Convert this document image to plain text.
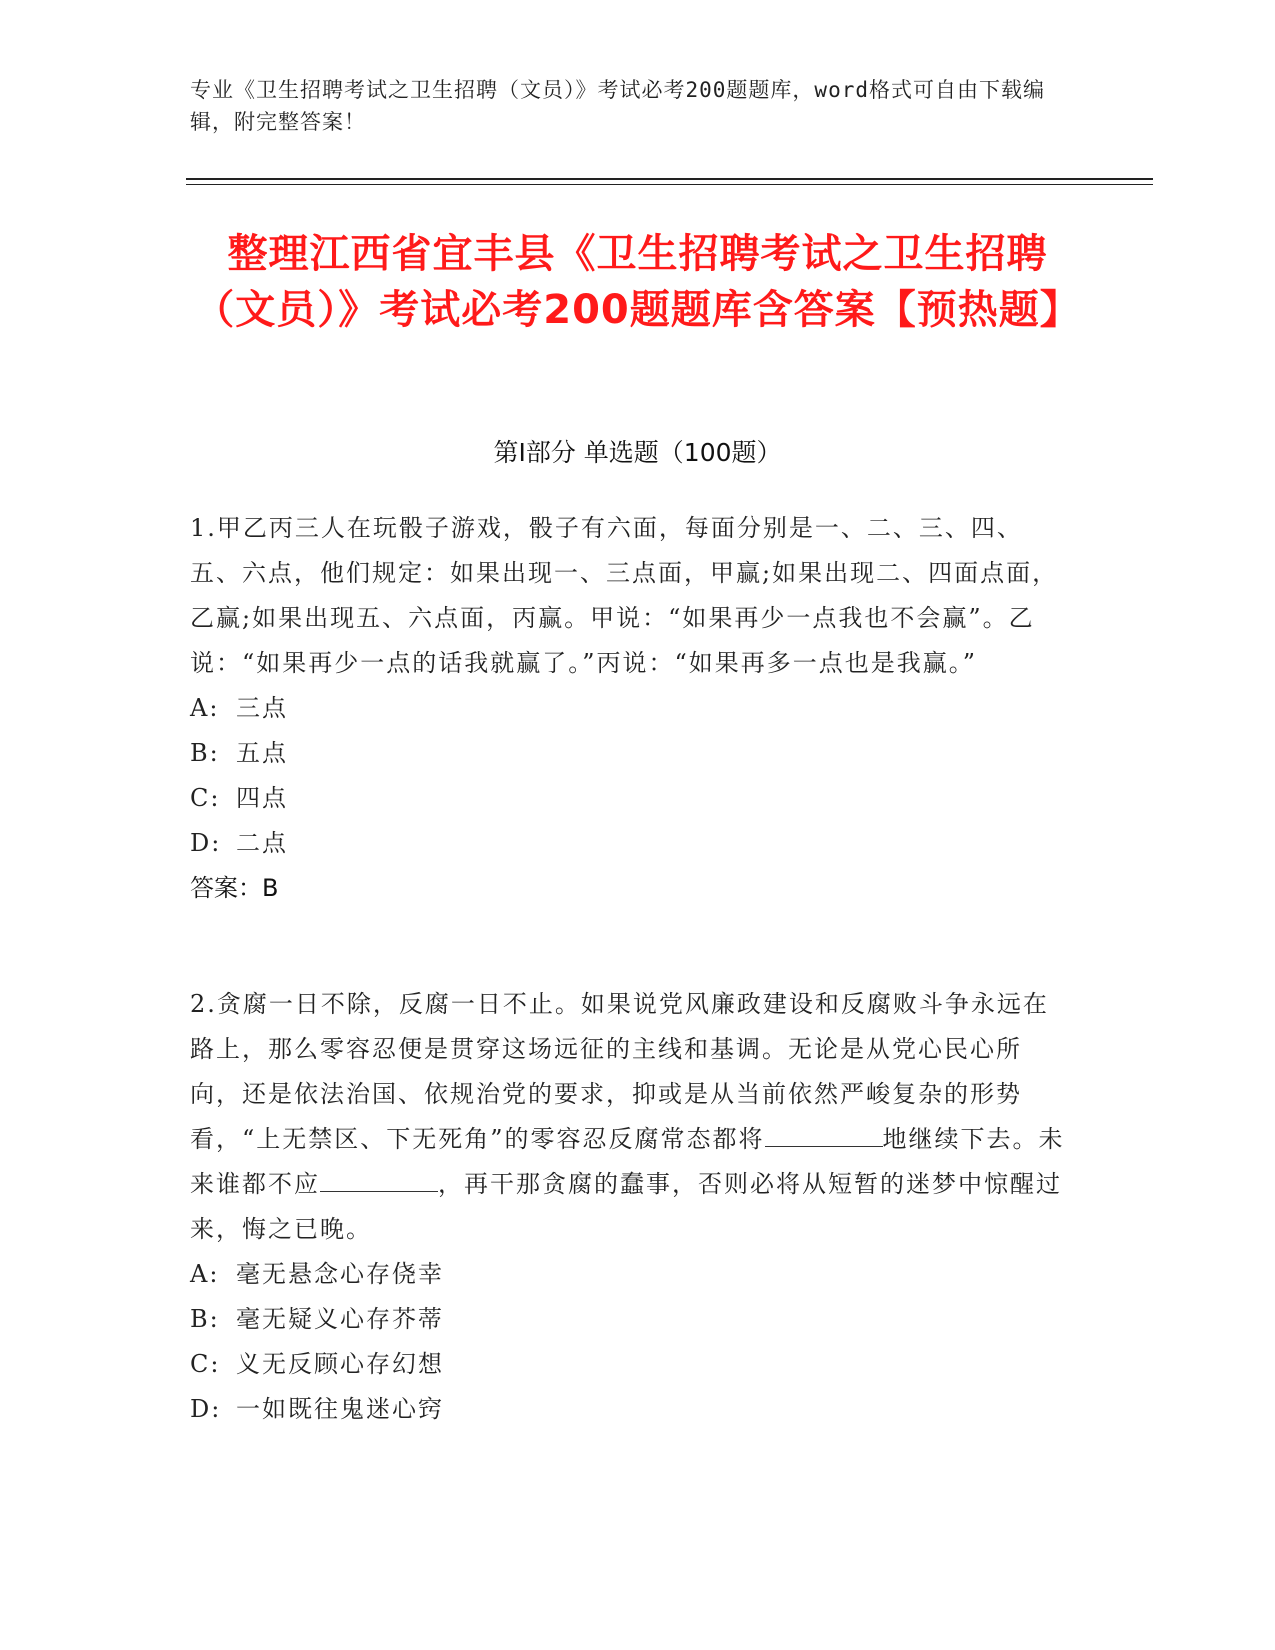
专业《卫生招聘考试之卫生招聘（文员）》考试必考200题题库，word格式可自由下载编辑，附完整答案！
整理江西省宜丰县《卫生招聘考试之卫生招聘（文员）》考试必考200题题库含答案【预热题】
第Ⅰ部分 单选题（100题）

1.甲乙丙三人在玩骰子游戏，骰子有六面，每面分别是一、二、三、四、五、六点，他们规定：如果出现一、三点面，甲赢;如果出现二、四面点面，乙赢;如果出现五、六点面，丙赢。甲说：“如果再少一点我也不会赢”。乙说：“如果再少一点的话我就赢了。”丙说：“如果再多一点也是我赢。”

A: 三点

B: 五点

C: 四点

D: 二点

答案：B

2.贪腐一日不除，反腐一日不止。如果说党风廉政建设和反腐败斗争永远在路上，那么零容忍便是贯穿这场远征的主线和基调。无论是从党心民心所向，还是依法治国、依规治党的要求，抑或是从当前依然严峻复杂的形势看，“上无禁区、下无死角”的零容忍反腐常态都将	地继续下去。未来谁都不应	，再干那贪腐的蠢事，否则必将从短暂的迷梦中惊醒过来，悔之已晚。

A: 毫无悬念心存侥幸

B: 毫无疑义心存芥蒂

C: 义无反顾心存幻想

D: 一如既往鬼迷心窍
